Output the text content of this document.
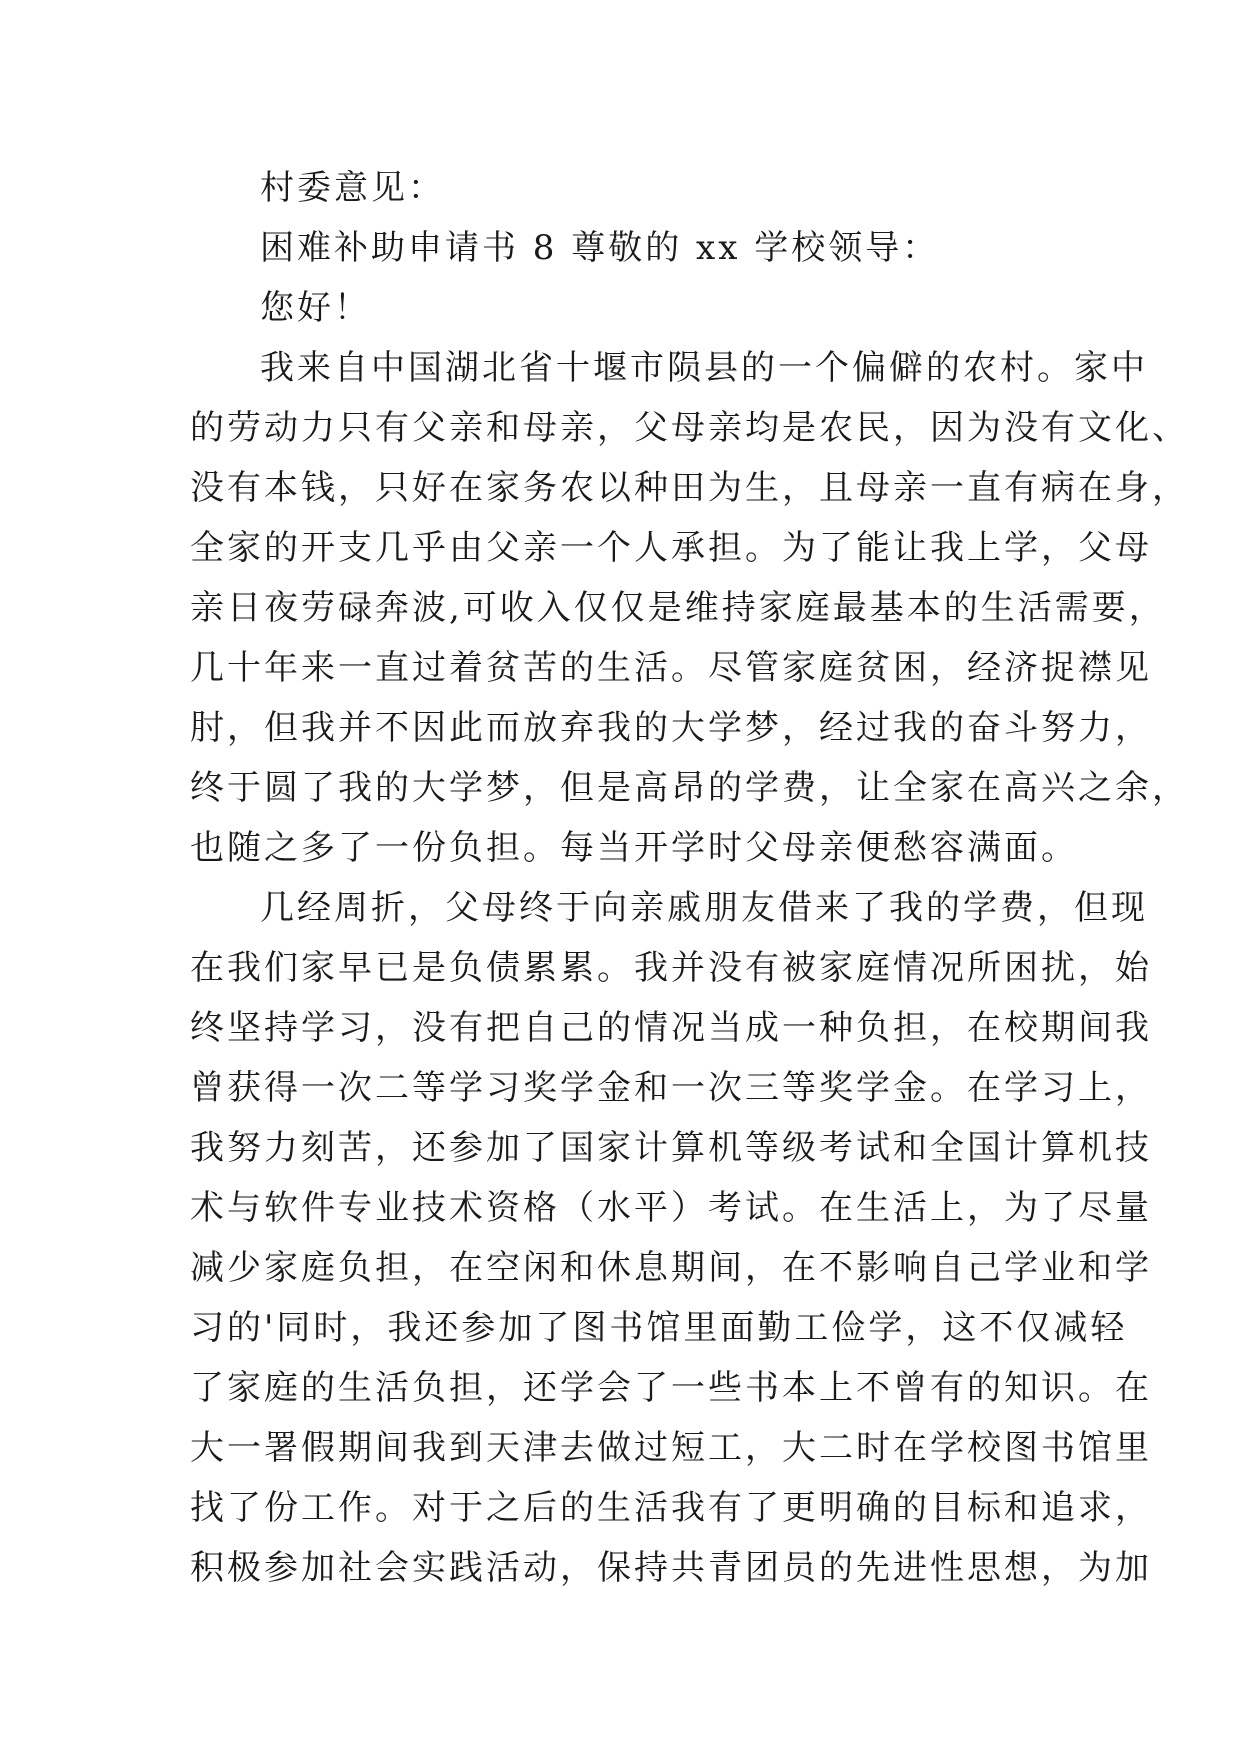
村委意见：
困难补助申请书 8 尊敬的 xx 学校领导：
您好！
我来自中国湖北省十堰市陨县的一个偏僻的农村。家中
的劳动力只有父亲和母亲，父母亲均是农民，因为没有文化、
没有本钱，只好在家务农以种田为生，且母亲一直有病在身，
全家的开支几乎由父亲一个人承担。为了能让我上学，父母
亲日夜劳碌奔波,可收入仅仅是维持家庭最基本的生活需要，
几十年来一直过着贫苦的生活。尽管家庭贫困，经济捉襟见
肘，但我并不因此而放弃我的大学梦，经过我的奋斗努力，
终于圆了我的大学梦，但是高昂的学费，让全家在高兴之余，
也随之多了一份负担。每当开学时父母亲便愁容满面。
几经周折，父母终于向亲戚朋友借来了我的学费，但现
在我们家早已是负债累累。我并没有被家庭情况所困扰，始
终坚持学习，没有把自己的情况当成一种负担，在校期间我
曾获得一次二等学习奖学金和一次三等奖学金。在学习上，
我努力刻苦，还参加了国家计算机等级考试和全国计算机技
术与软件专业技术资格（水平）考试。在生活上，为了尽量
减少家庭负担，在空闲和休息期间，在不影响自己学业和学
习的'同时，我还参加了图书馆里面勤工俭学，这不仅减轻
了家庭的生活负担，还学会了一些书本上不曾有的知识。在
大一署假期间我到天津去做过短工，大二时在学校图书馆里
找了份工作。对于之后的生活我有了更明确的目标和追求，
积极参加社会实践活动，保持共青团员的先进性思想，为加
